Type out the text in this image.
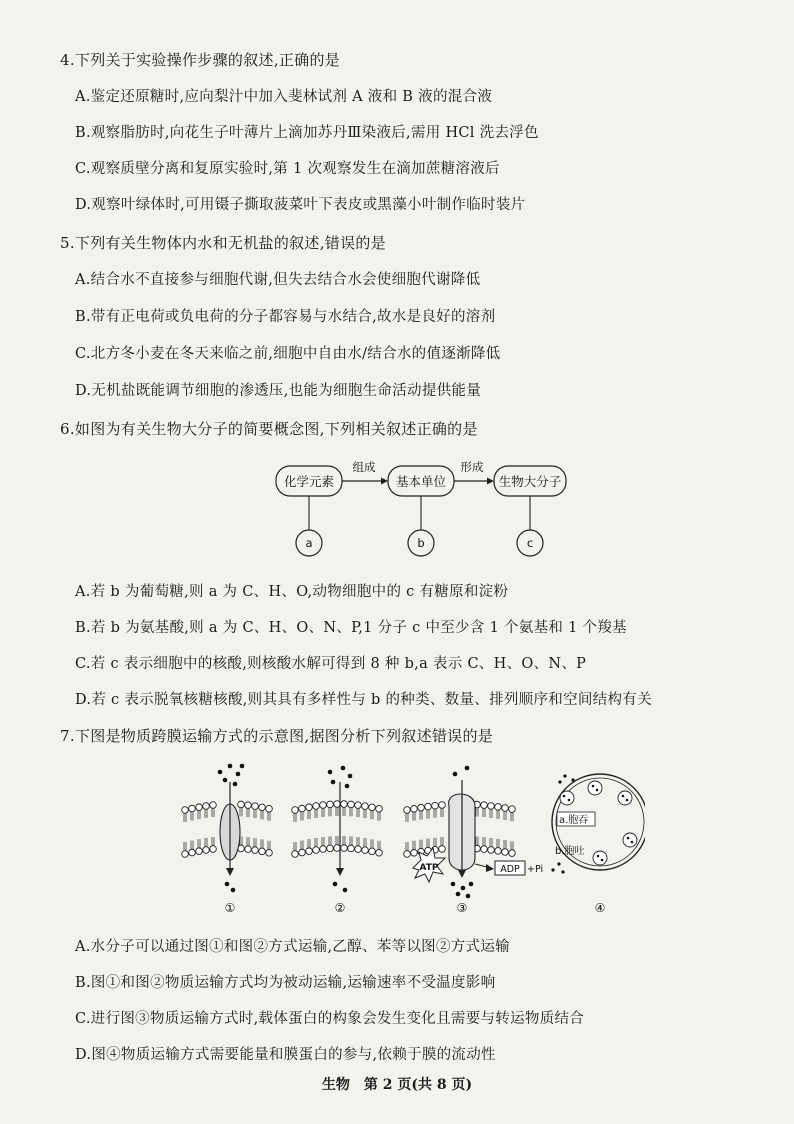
4.下列关于实验操作步骤的叙述,正确的是
A.鉴定还原糖时,应向梨汁中加入斐林试剂 A 液和 B 液的混合液
B.观察脂肪时,向花生子叶薄片上滴加苏丹Ⅲ染液后,需用 HCl 洗去浮色
C.观察质壁分离和复原实验时,第 1 次观察发生在滴加蔗糖溶液后
D.观察叶绿体时,可用镊子撕取菠菜叶下表皮或黑藻小叶制作临时装片
5.下列有关生物体内水和无机盐的叙述,错误的是
A.结合水不直接参与细胞代谢,但失去结合水会使细胞代谢降低
B.带有正电荷或负电荷的分子都容易与水结合,故水是良好的溶剂
C.北方冬小麦在冬天来临之前,细胞中自由水/结合水的值逐渐降低
D.无机盐既能调节细胞的渗透压,也能为细胞生命活动提供能量
6.如图为有关生物大分子的简要概念图,下列相关叙述正确的是
化学元素	基本单位	生物大分子
组成	形成
a	b	c
A.若 b 为葡萄糖,则 a 为 C、H、O,动物细胞中的 c 有糖原和淀粉
B.若 b 为氨基酸,则 a 为 C、H、O、N、P,1 分子 c 中至少含 1 个氨基和 1 个羧基
C.若 c 表示细胞中的核酸,则核酸水解可得到 8 种 b,a 表示 C、H、O、N、P
D.若 c 表示脱氧核糖核酸,则其具有多样性与 b 的种类、数量、排列顺序和空间结构有关
7.下图是物质跨膜运输方式的示意图,据图分析下列叙述错误的是
①	②
ATP	ADP +Pi
③
a.胞吞
b.胞吐
④
A.水分子可以通过图①和图②方式运输,乙醇、苯等以图②方式运输
B.图①和图②物质运输方式均为被动运输,运输速率不受温度影响
C.进行图③物质运输方式时,载体蛋白的构象会发生变化且需要与转运物质结合
D.图④物质运输方式需要能量和膜蛋白的参与,依赖于膜的流动性
生物　第 2 页(共 8 页)
